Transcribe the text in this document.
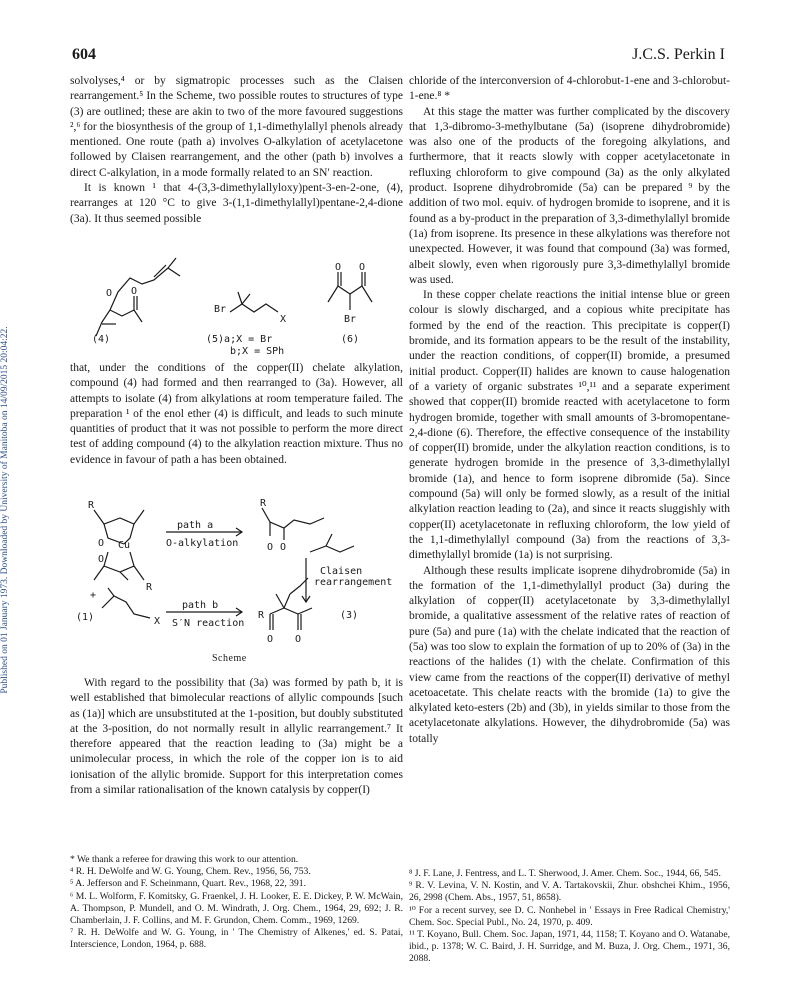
604	J.C.S. Perkin I
Published on 01 January 1973. Downloaded by University of Manitoba on 14/09/2015 20:04:22.

solvolyses,⁴ or by sigmatropic processes such as the Claisen rearrangement.⁵ In the Scheme, two possible routes to structures of type (3) are outlined; these are akin to two of the more favoured suggestions ²,⁶ for the biosynthesis of the group of 1,1-dimethylallyl phenols already mentioned. One route (path a) involves O-alkylation of acetylacetone followed by Claisen rearrangement, and the other (path b) involves a direct C-alkylation, in a mode formally related to an SN′ reaction.

It is known ¹ that 4-(3,3-dimethylallyloxy)pent-3-en-2-one, (4), rearranges at 120 °C to give 3-(1,1-dimethylallyl)pentane-2,4-dione (3a). It thus seemed possible

O O
Br
X
O O
Br
(4)	(5)a;X = Br
b;X = SPh
(6)

that, under the conditions of the copper(II) chelate alkylation, compound (4) had formed and then rearranged to (3a). However, all attempts to isolate (4) from alkylations at room temperature failed. The preparation ¹ of the enol ether (4) is difficult, and leads to such minute quantities of product that it was not possible to perform the more direct test of adding compound (4) to the alkylation reaction mixture. Thus no evidence in favour of path a has been obtained.

R
O Cu
O
R
path a
O-alkylation
R
O O
Claisen
rearrangement
+
(1)	X
path b
S′N reaction
R	(3)
O O
Scheme

With regard to the possibility that (3a) was formed by path b, it is well established that bimolecular reactions of allylic compounds [such as (1a)] which are unsubstituted at the 1-position, but doubly substituted at the 3-position, do not normally result in allylic rearrangement.⁷ It therefore appeared that the reaction leading to (3a) might be a unimolecular process, in which the role of the copper ion is to aid ionisation of the allylic bromide. Support for this interpretation comes from a similar rationalisation of the known catalysis by copper(I)

chloride of the interconversion of 4-chlorobut-1-ene and 3-chlorobut-1-ene.⁸ *

At this stage the matter was further complicated by the discovery that 1,3-dibromo-3-methylbutane (5a) (isoprene dihydrobromide) was also one of the products of the foregoing alkylations, and furthermore, that it reacts slowly with copper acetylacetonate in refluxing chloroform to give compound (3a) as the only alkylated product. Isoprene dihydrobromide (5a) can be prepared ⁹ by the addition of two mol. equiv. of hydrogen bromide to isoprene, and it is found as a by-product in the preparation of 3,3-dimethylallyl bromide (1a) from isoprene. Its presence in these alkylations was therefore not unexpected. However, it was found that compound (3a) was formed, albeit slowly, even when rigorously pure 3,3-dimethylallyl bromide was used.

In these copper chelate reactions the initial intense blue or green colour is slowly discharged, and a copious white precipitate has formed by the end of the reaction. This precipitate is copper(I) bromide, and its formation appears to be the result of the instability, under the reaction conditions, of copper(II) bromide, a presumed initial product. Copper(II) halides are known to cause halogenation of a variety of organic substrates ¹⁰,¹¹ and a separate experiment showed that copper(II) bromide reacted with acetylacetone to form hydrogen bromide, together with small amounts of 3-bromopentane-2,4-dione (6). Therefore, the effective consequence of the instability of copper(II) bromide, under the alkylation reaction conditions, is to generate hydrogen bromide in the presence of 3,3-dimethylallyl bromide (1a), and hence to form isoprene dibromide (5a). Since compound (5a) will only be formed slowly, as a result of the initial alkylation reaction leading to (2a), and since it reacts sluggishly with copper(II) acetylacetonate in refluxing chloroform, the low yield of the 1,1-dimethylallyl compound (3a) from the reactions of 3,3-dimethylallyl bromide (1a) is not surprising.

Although these results implicate isoprene dihydrobromide (5a) in the formation of the 1,1-dimethylallyl product (3a) during the alkylation of copper(II) acetylacetonate by 3,3-dimethylallyl bromide, a qualitative assessment of the relative rates of reaction of pure (5a) and pure (1a) with the chelate indicated that the reaction of (5a) was too slow to explain the formation of up to 20% of (3a) in the reactions of the halides (1) with the chelate. Confirmation of this view came from the reactions of the copper(II) derivative of methyl acetoacetate. This chelate reacts with the bromide (1a) to give the alkylated keto-esters (2b) and (3b), in yields similar to those from the acetylacetonate alkylations. However, the dihydrobromide (5a) was totally

* We thank a referee for drawing this work to our attention.

⁴ R. H. DeWolfe and W. G. Young, Chem. Rev., 1956, 56, 753.

⁵ A. Jefferson and F. Scheinmann, Quart. Rev., 1968, 22, 391.

⁶ M. L. Wolform, F. Komitsky, G. Fraenkel, J. H. Looker, E. E. Dickey, P. W. McWain, A. Thompson, P. Mundell, and O. M. Windrath, J. Org. Chem., 1964, 29, 692; J. R. Chamberlain, J. F. Collins, and M. F. Grundon, Chem. Comm., 1969, 1269.

⁷ R. H. DeWolfe and W. G. Young, in ' The Chemistry of Alkenes,' ed. S. Patai, Interscience, London, 1964, p. 688.

⁸ J. F. Lane, J. Fentress, and L. T. Sherwood, J. Amer. Chem. Soc., 1944, 66, 545.

⁹ R. V. Levina, V. N. Kostin, and V. A. Tartakovskii, Zhur. obshchei Khim., 1956, 26, 2998 (Chem. Abs., 1957, 51, 8658).

¹⁰ For a recent survey, see D. C. Nonhebel in ' Essays in Free Radical Chemistry,' Chem. Soc. Special Publ., No. 24, 1970, p. 409.

¹¹ T. Koyano, Bull. Chem. Soc. Japan, 1971, 44, 1158; T. Koyano and O. Watanabe, ibid., p. 1378; W. C. Baird, J. H. Surridge, and M. Buza, J. Org. Chem., 1971, 36, 2088.
